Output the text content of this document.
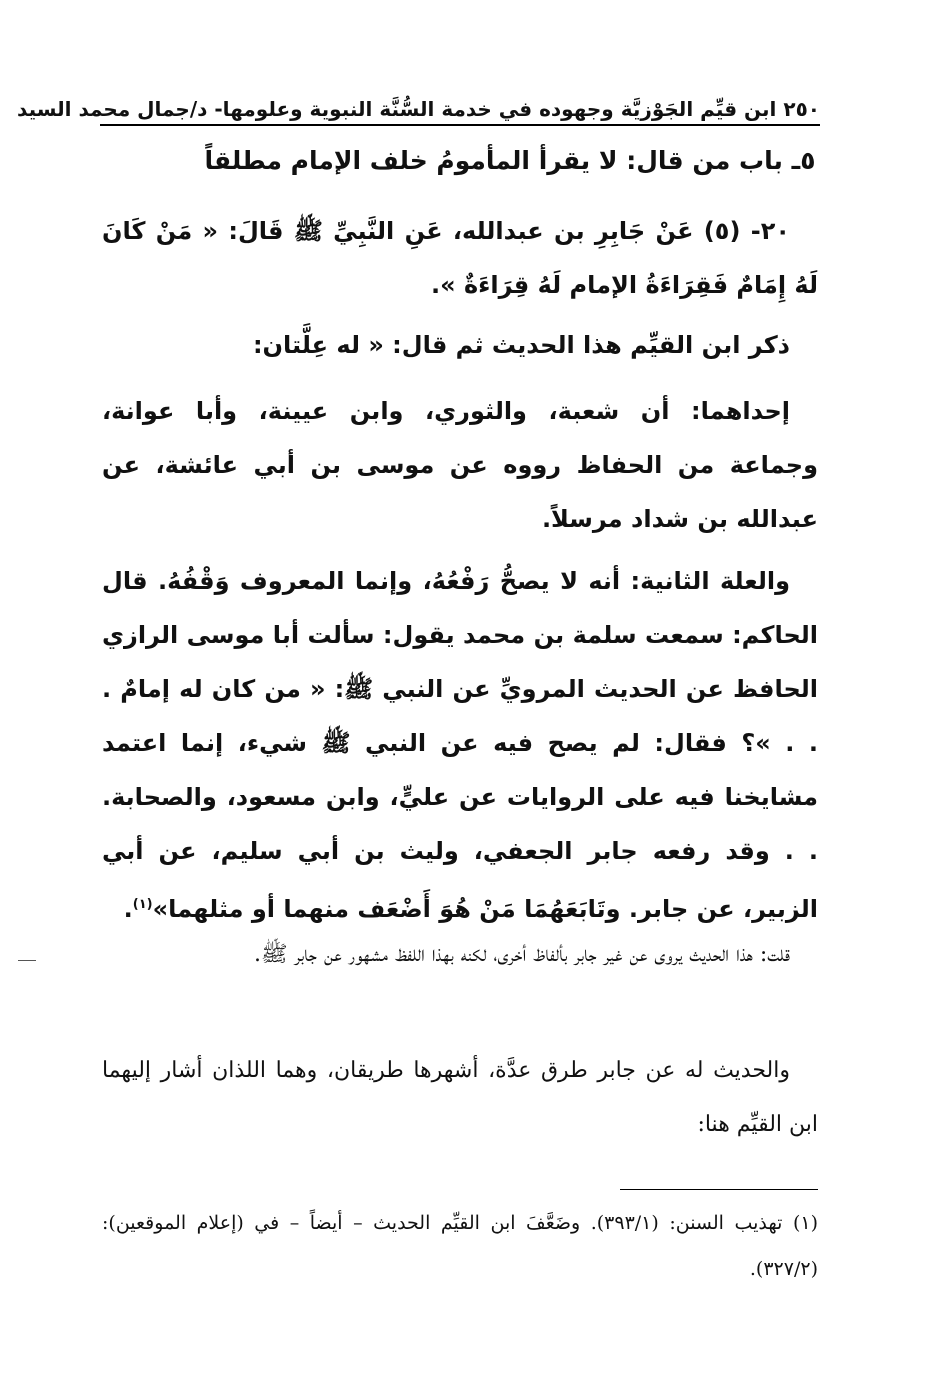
٢٥٠ ابن قيِّم الجَوْزيَّة وجهوده في خدمة السُّنَّة النبوية وعلومها- د/جمال محمد السيد
٥ـ باب من قال: لا يقرأ المأمومُ خلف الإمام مطلقاً
٢٠- (٥) عَنْ جَابِرِ بن عبدالله، عَنِ النَّبِيِّ ﷺ قَالَ: « مَنْ كَانَ لَهُ إِمَامٌ فَقِرَاءَةُ الإمام لَهُ قِرَاءَةٌ ».
ذكر ابن القيِّم هذا الحديث ثم قال: « له عِلَّتان:
إحداهما: أن شعبة، والثوري، وابن عيينة، وأبا عوانة، وجماعة من الحفاظ رووه عن موسى بن أبي عائشة، عن عبدالله بن شداد مرسلاً.
والعلة الثانية: أنه لا يصحُّ رَفْعُهُ، وإنما المعروف وَقْفُهُ. قال الحاكم: سمعت سلمة بن محمد يقول: سألت أبا موسى الرازي الحافظ عن الحديث المرويِّ عن النبي ﷺ: « من كان له إمامٌ . . . »؟ فقال: لم يصح فيه عن النبي ﷺ شيء، إنما اعتمد مشايخنا فيه على الروايات عن عليٍّ، وابن مسعود، والصحابة. . . وقد رفعه جابر الجعفي، وليث بن أبي سليم، عن أبي الزبير، عن جابر. وتَابَعَهُمَا مَنْ هُوَ أَضْعَف منهما أو مثلهما»$^{(١)}$.
قلت: هذا الحديث يروى عن غير جابر بألفاظ أخرى، لكنه بهذا اللفظ مشهور عن جابر ﷺ.
والحديث له عن جابر طرق عدَّة، أشهرها طريقان، وهما اللذان أشار إليهما ابن القيِّم هنا:
(١) تهذيب السنن: (٣٩٣/١). وضَعَّفَ ابن القيِّم الحديث – أيضاً – في (إعلام الموقعين): (٣٢٧/٢).
